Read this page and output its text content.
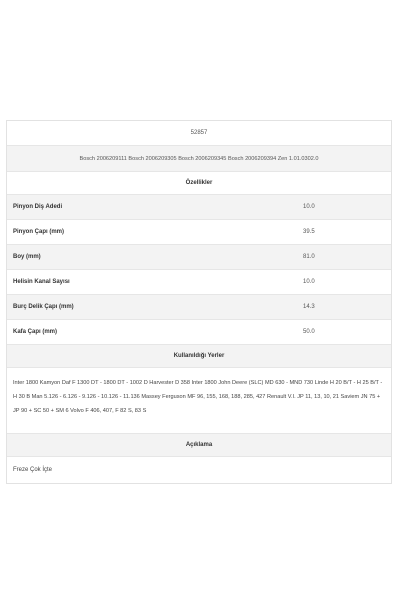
52857
Bosch 2006209111 Bosch 2006209305 Bosch 2006209345 Bosch 2006209394 Zen 1.01.0302.0
Özellikler
Pinyon Diş Adedi	10.0
Pinyon Çapı (mm)	39.5
Boy (mm)	81.0
Helisin Kanal Sayısı	10.0
Burç Delik Çapı (mm)	14.3
Kafa Çapı (mm)	50.0
Kullanıldığı Yerler
Inter 1800 Kamyon Daf F 1300 DT - 1800 DT - 1002 D Harvester D 358 Inter 1800 John Deere (SLC) MD 630 - MND 730 Linde H 20 B/T - H 25 B/T - H 30 B Man 5.126 - 6.126 - 9.126 - 10.126 - 11.136 Massey Ferguson MF 96, 155, 168, 188, 285, 427 Renault V.I. JP 11, 13, 10, 21 Saviem JN 75 + JP 90 + SC 50 + SM 6 Volvo F 406, 407, F 82 S, 83 S
Açıklama
Freze Çok İçte
